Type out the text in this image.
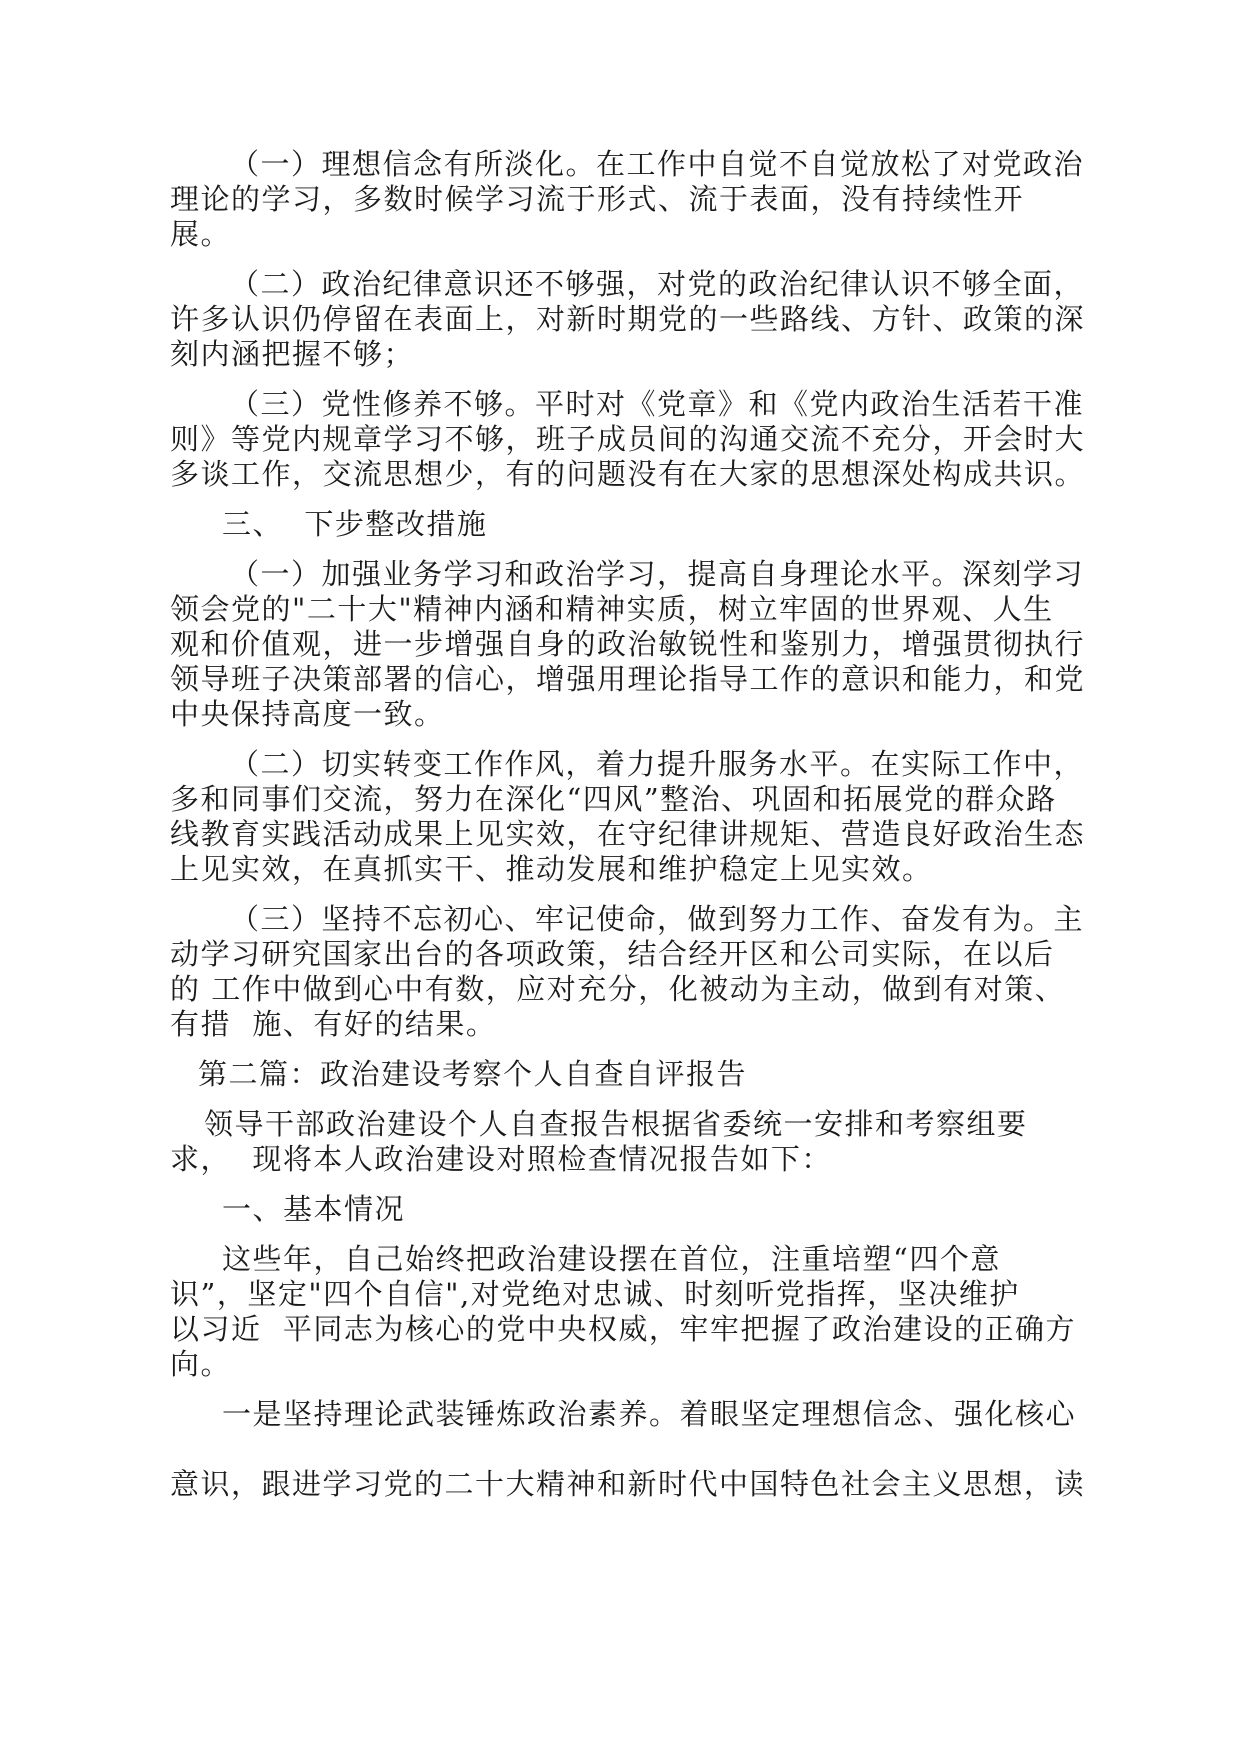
（一）理想信念有所淡化。在工作中自觉不自觉放松了对党政治
理论的学习，多数时候学习流于形式、流于表面，没有持续性开
展。
（二）政治纪律意识还不够强，对党的政治纪律认识不够全面，
许多认识仍停留在表面上，对新时期党的一些路线、方针、政策的深
刻内涵把握不够；
（三）党性修养不够。平时对《党章》和《党内政治生活若干准
则》等党内规章学习不够，班子成员间的沟通交流不充分，开会时大
多谈工作，交流思想少，有的问题没有在大家的思想深处构成共识。
三、  下步整改措施
（一）加强业务学习和政治学习，提高自身理论水平。深刻学习
领会党的"二十大"精神内涵和精神实质，树立牢固的世界观、人生
观和价值观，进一步增强自身的政治敏锐性和鉴别力，增强贯彻执行
领导班子决策部署的信心，增强用理论指导工作的意识和能力，和党
中央保持高度一致。
（二）切实转变工作作风，着力提升服务水平。在实际工作中，
多和同事们交流，努力在深化“四风”整治、巩固和拓展党的群众路
线教育实践活动成果上见实效，在守纪律讲规矩、营造良好政治生态
上见实效，在真抓实干、推动发展和维护稳定上见实效。
（三）坚持不忘初心、牢记使命，做到努力工作、奋发有为。主
动学习研究国家出台的各项政策，结合经开区和公司实际，在以后
的 工作中做到心中有数，应对充分，化被动为主动，做到有对策、
有措  施、有好的结果。
第二篇：政治建设考察个人自查自评报告
领导干部政治建设个人自查报告根据省委统一安排和考察组要
求，  现将本人政治建设对照检查情况报告如下：
一、基本情况
这些年，自己始终把政治建设摆在首位，注重培塑“四个意
识”，坚定"四个自信",对党绝对忠诚、时刻听党指挥，坚决维护
以习近  平同志为核心的党中央权威，牢牢把握了政治建设的正确方
向。
一是坚持理论武装锤炼政治素养。着眼坚定理想信念、强化核心
意识，跟进学习党的二十大精神和新时代中国特色社会主义思想，读
